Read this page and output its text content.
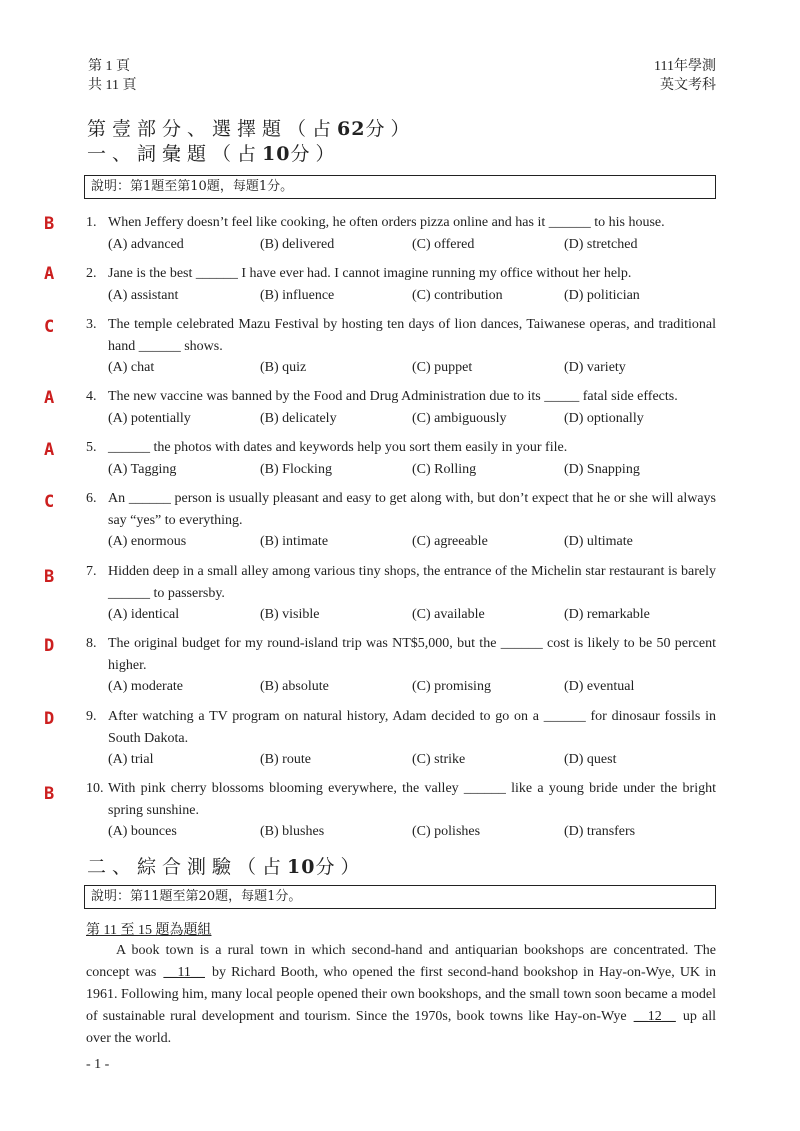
第 1 頁
共 11 頁
111年學測
英文考科
第壹部分、選擇題（占62分）
一、詞彙題（占10分）
說明：第1題至第10題，每題1分。
1. When Jeffery doesn’t feel like cooking, he often orders pizza online and has it ______ to his house.
(A) advanced	(B) delivered	(C) offered	(D) stretched
B
2. Jane is the best ______ I have ever had. I cannot imagine running my office without her help.
(A) assistant	(B) influence	(C) contribution	(D) politician
A
3. The temple celebrated Mazu Festival by hosting ten days of lion dances, Taiwanese operas, and traditional hand ______ shows.
(A) chat	(B) quiz	(C) puppet	(D) variety
C
4. The new vaccine was banned by the Food and Drug Administration due to its _____ fatal side effects.
(A) potentially	(B) delicately	(C) ambiguously	(D) optionally
A
5. ______ the photos with dates and keywords help you sort them easily in your file.
(A) Tagging	(B) Flocking	(C) Rolling	(D) Snapping
A
6. An ______ person is usually pleasant and easy to get along with, but don’t expect that he or she will always say “yes” to everything.
(A) enormous	(B) intimate	(C) agreeable	(D) ultimate
C
7. Hidden deep in a small alley among various tiny shops, the entrance of the Michelin star restaurant is barely ______ to passersby.
(A) identical	(B) visible	(C) available	(D) remarkable
B
8. The original budget for my round-island trip was NT$5,000, but the ______ cost is likely to be 50 percent higher.
(A) moderate	(B) absolute	(C) promising	(D) eventual
D
9. After watching a TV program on natural history, Adam decided to go on a ______ for dinosaur fossils in South Dakota.
(A) trial	(B) route	(C) strike	(D) quest
D
10. With pink cherry blossoms blooming everywhere, the valley ______ like a young bride under the bright spring sunshine.
(A) bounces	(B) blushes	(C) polishes	(D) transfers
B
二、綜合測驗（占10分）
說明：第11題至第20題，每題1分。
第 11 至 15 題為題組

A book town is a rural town in which second-hand and antiquarian bookshops are concentrated. The concept was __11__ by Richard Booth, who opened the first second-hand bookshop in Hay-on-Wye, UK in 1961. Following him, many local people opened their own bookshops, and the small town soon became a model of sustainable rural development and tourism. Since the 1970s, book towns like Hay-on-Wye __12__ up all over the world.

- 1 -
